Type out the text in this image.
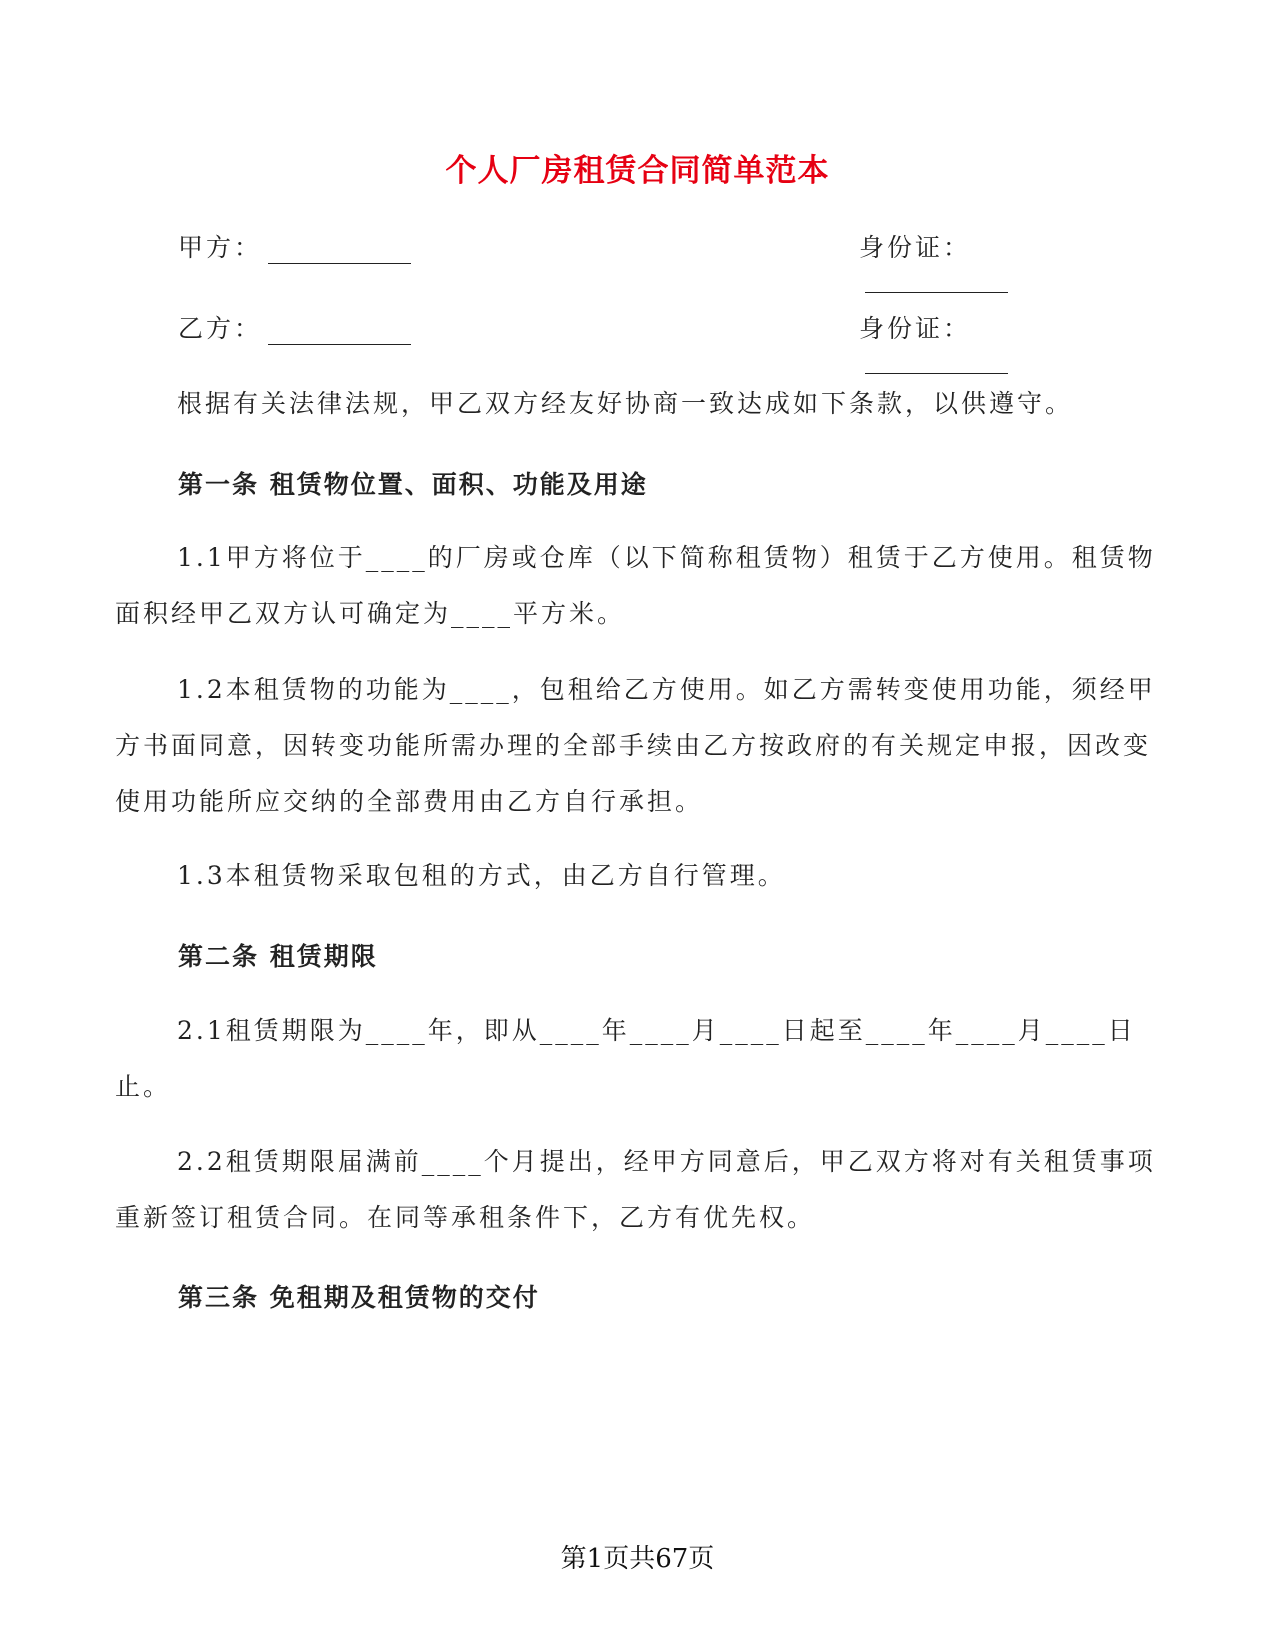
个人厂房租赁合同简单范本
甲方：	身份证：
乙方：	身份证：

根据有关法律法规，甲乙双方经友好协商一致达成如下条款，以供遵守。

第一条 租赁物位置、面积、功能及用途

1.1甲方将位于____的厂房或仓库（以下简称租赁物）租赁于乙方使用。租赁物面积经甲乙双方认可确定为____平方米。

1.2本租赁物的功能为____，包租给乙方使用。如乙方需转变使用功能，须经甲方书面同意，因转变功能所需办理的全部手续由乙方按政府的有关规定申报，因改变使用功能所应交纳的全部费用由乙方自行承担。

1.3本租赁物采取包租的方式，由乙方自行管理。

第二条 租赁期限

2.1租赁期限为____年，即从____年____月____日起至____年____月____日止。

2.2租赁期限届满前____个月提出，经甲方同意后，甲乙双方将对有关租赁事项重新签订租赁合同。在同等承租条件下，乙方有优先权。

第三条 免租期及租赁物的交付

第1页共67页
